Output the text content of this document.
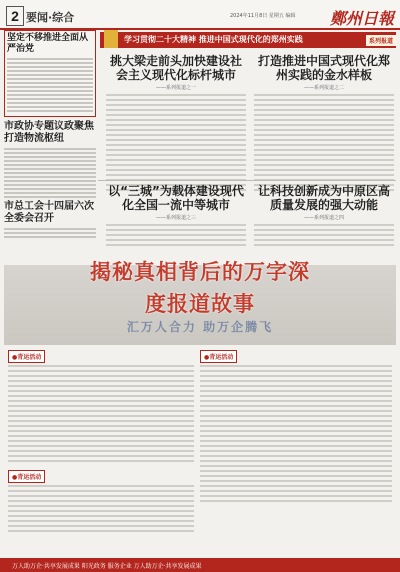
2 要闻·综合	2024年11月8日 星期五 编辑 鄭州日報
坚定不移推进全面从严治党
市政协专题议政聚焦打造物流枢纽
市总工会十四届六次全委会召开
学习贯彻二十大精神 推进中国式现代化的郑州实践	系列报道
挑大梁走前头加快建设社会主义现代化标杆城市
——系列报道之一
打造推进中国式现代化郑州实践的金水样板
——系列报道之二
以“三城”为载体建设现代化全国一流中等城市
——系列报道之三
让科技创新成为中原区高质量发展的强大动能
——系列报道之四
揭秘真相背后的万字深
度报道故事
汇万人合力 助万企腾飞
●青运活动	●青运活动
●青运活动
万人助万企·共享发展成果 阳光政务 服务企业 万人助万企·共享发展成果
